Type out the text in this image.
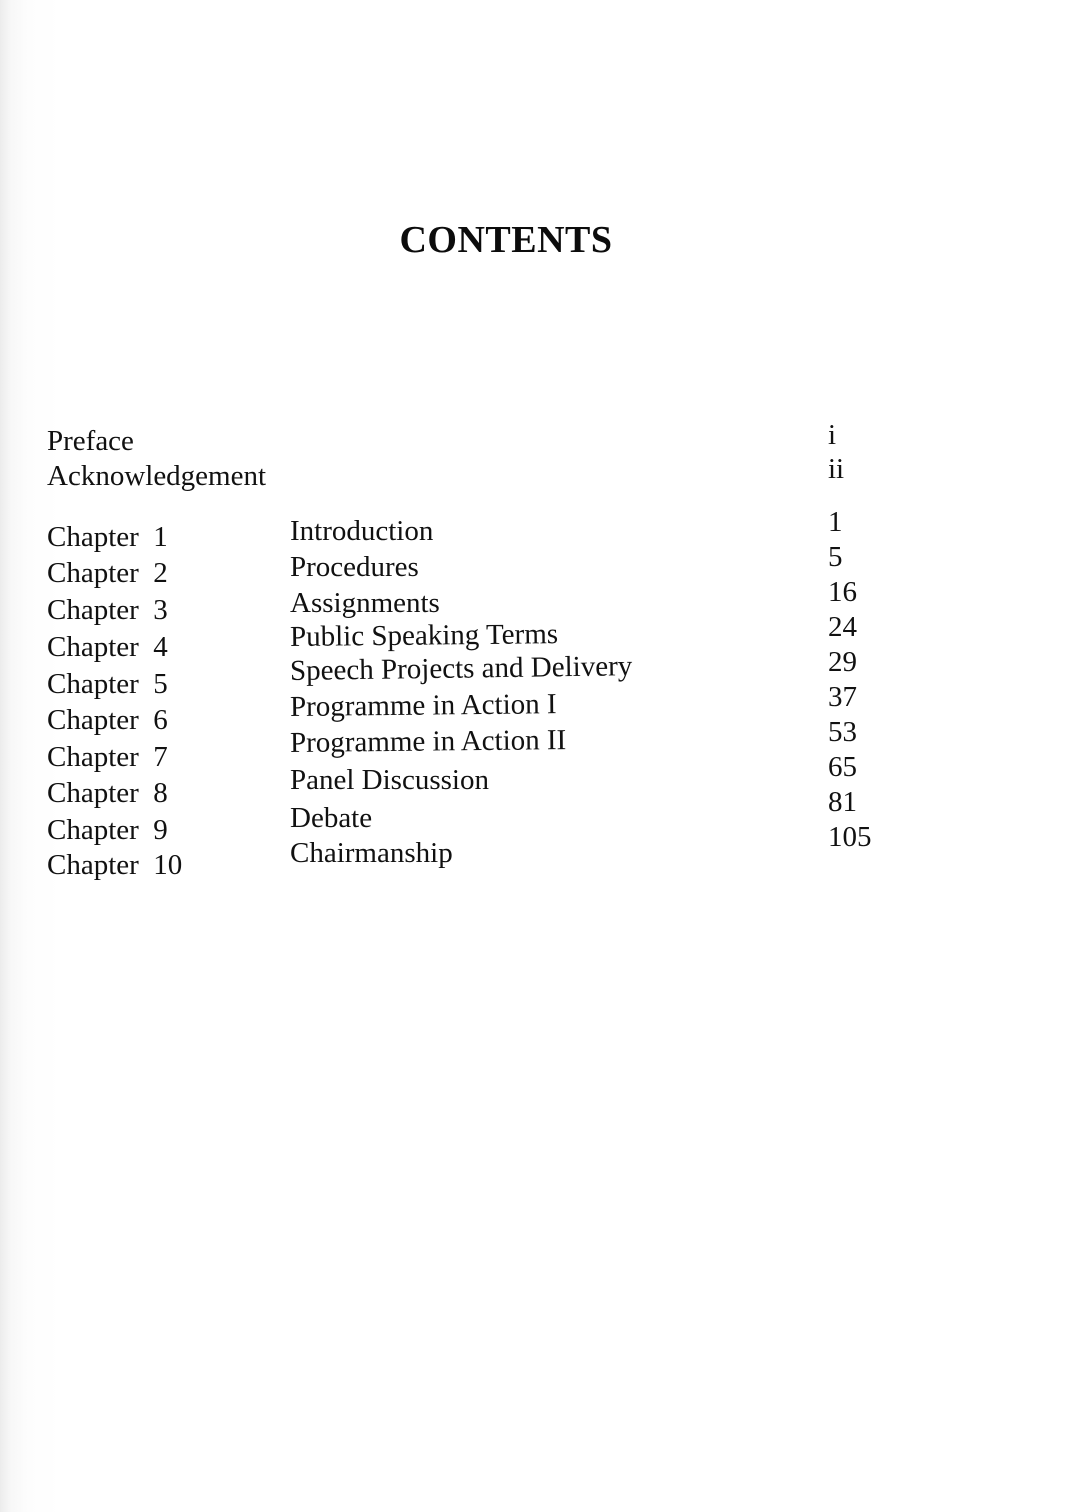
CONTENTS
Preface	i
Acknowledgement	ii
Chapter  1	Introduction	1
Chapter  2	Procedures	5
Chapter  3	Assignments	16
Chapter  4	Public Speaking Terms	24
Chapter  5	Speech Projects and Delivery	29
Chapter  6	Programme in Action I	37
Chapter  7	Programme in Action II	53
Chapter  8	Panel Discussion	65
Chapter  9	Debate	81
Chapter  10	Chairmanship	105
